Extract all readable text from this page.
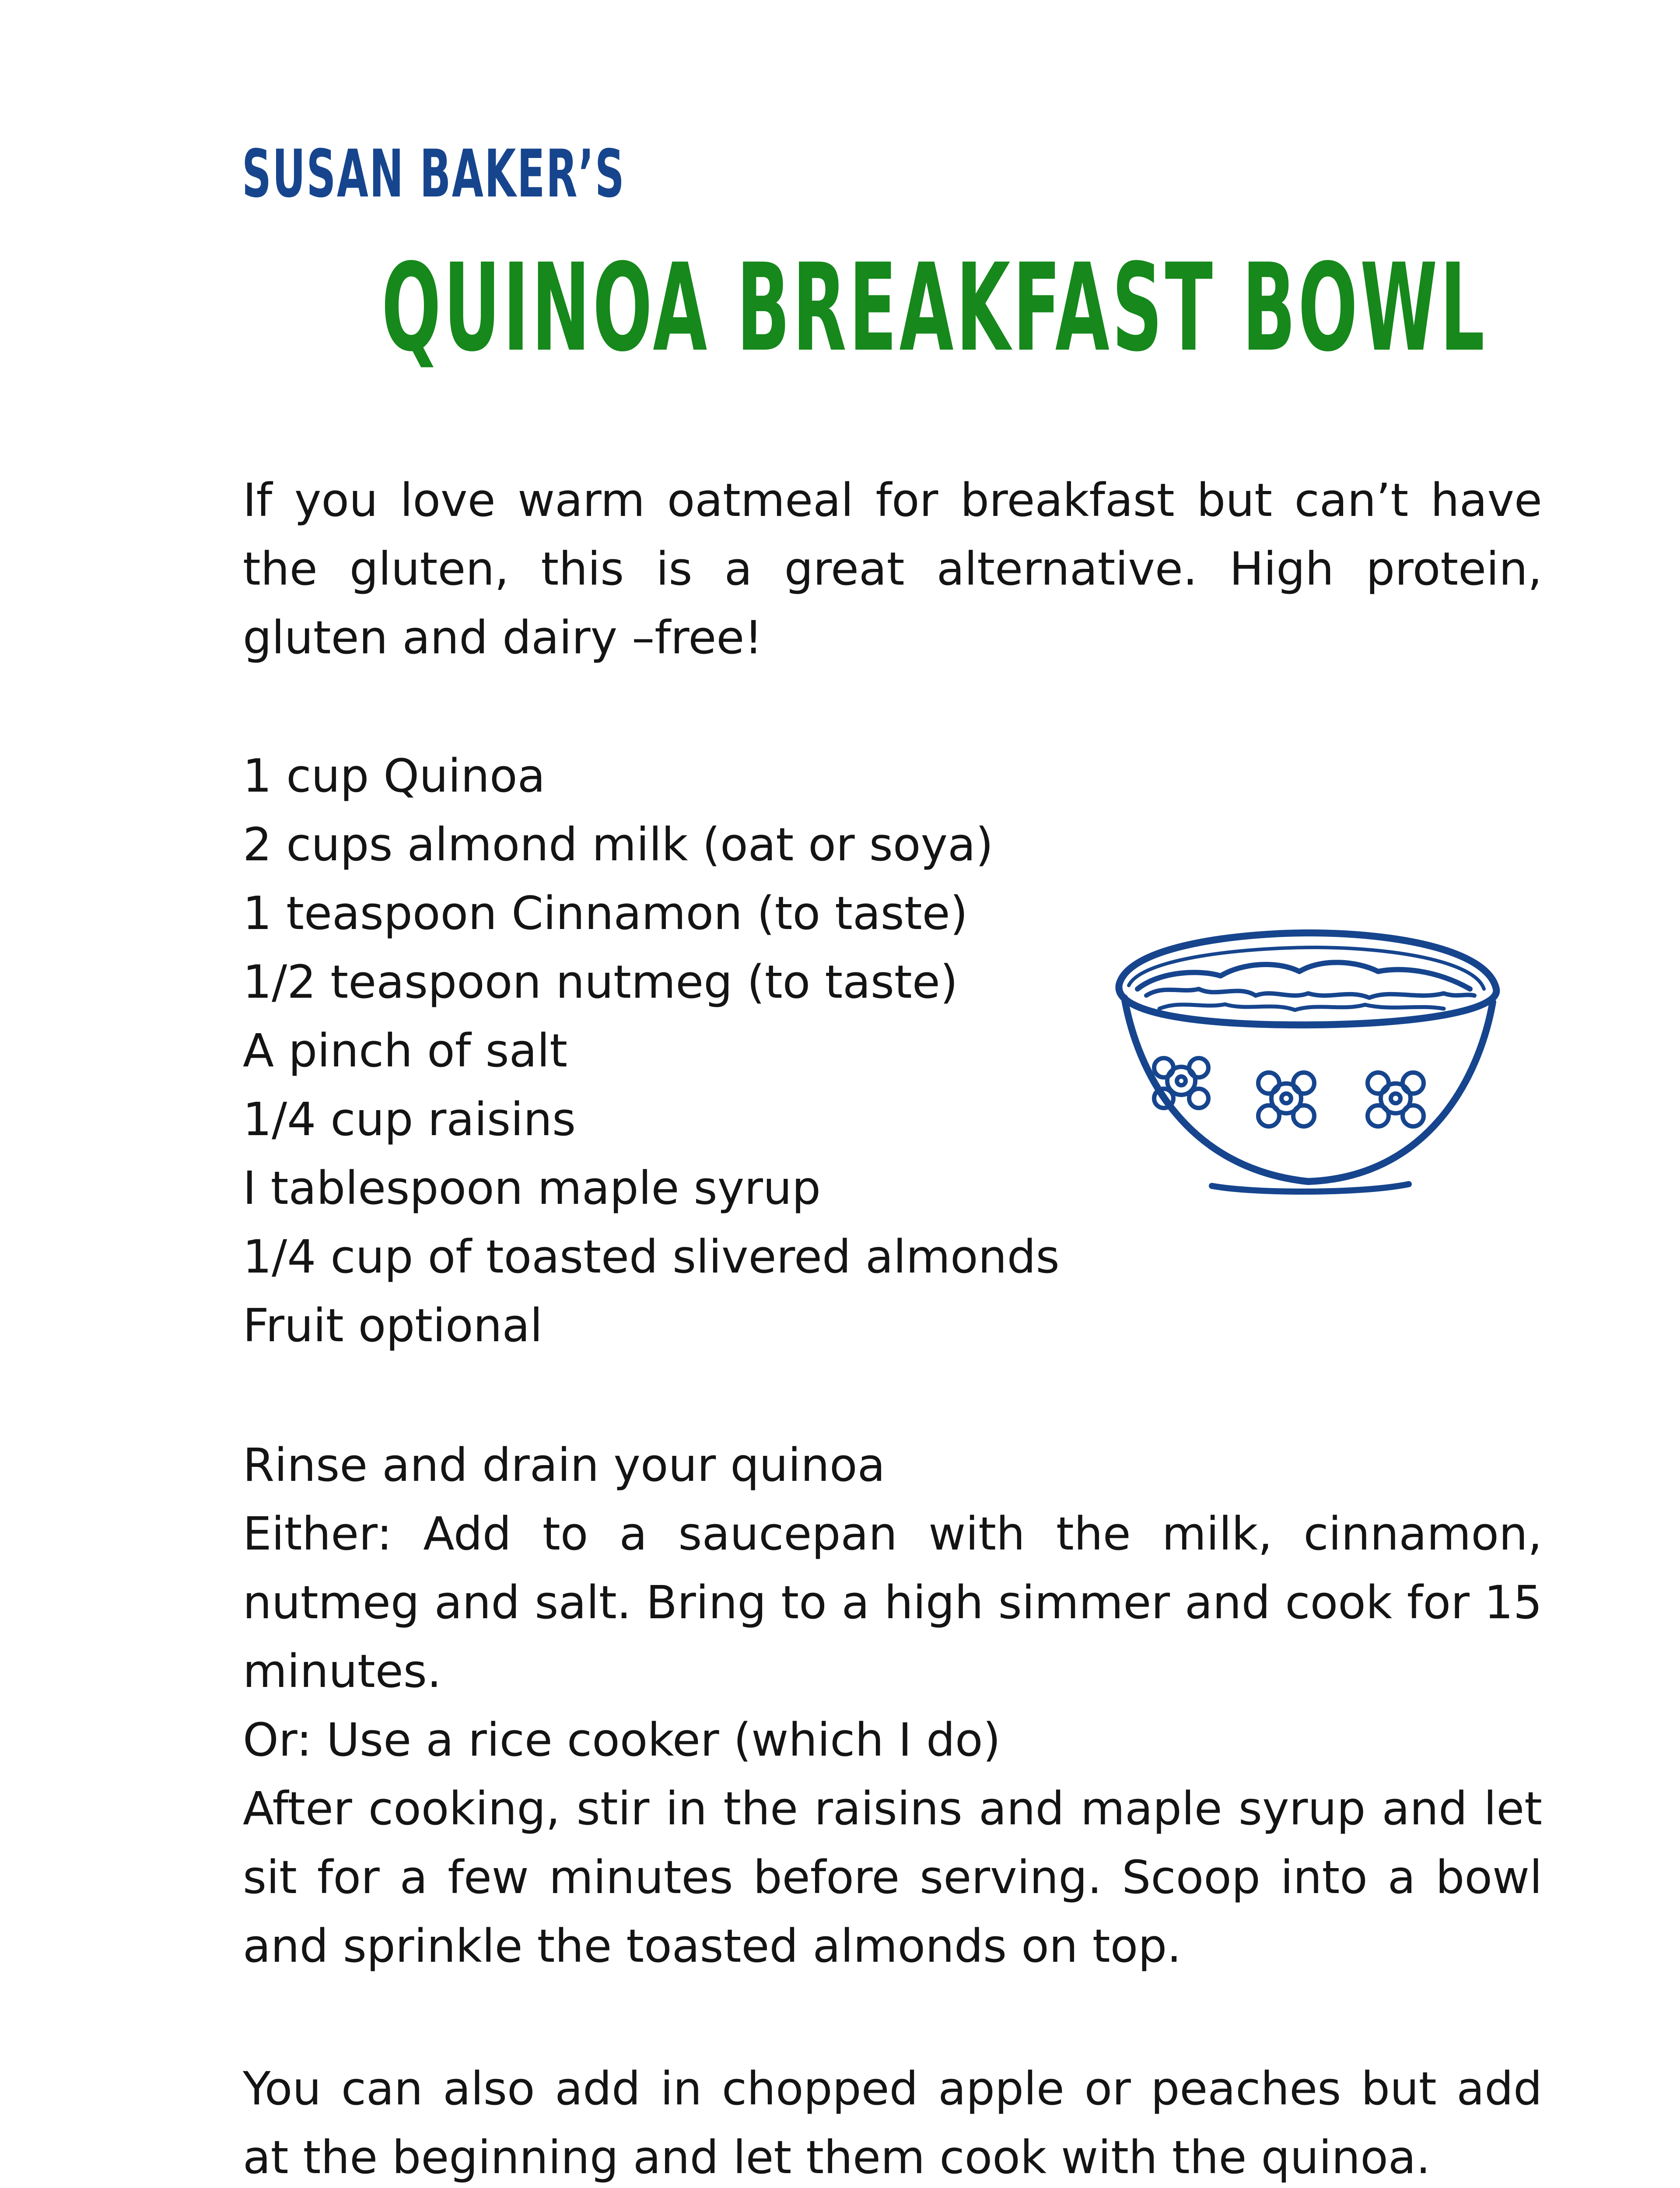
SUSAN BAKER’S
QUINOA BREAKFAST BOWL

If you love warm oatmeal for breakfast but can’t have the gluten, this is a great alternative. High protein, gluten and dairy –free!

1 cup Quinoa
2 cups almond milk (oat or soya)
1 teaspoon Cinnamon (to taste)
1/2 teaspoon nutmeg (to taste)
A pinch of salt
1/4 cup raisins
I tablespoon maple syrup
1/4 cup of toasted slivered almonds
Fruit optional

Rinse and drain your quinoa

Either: Add to a saucepan with the milk, cinnamon, nutmeg and salt. Bring to a high simmer and cook for 15 minutes.

Or: Use a rice cooker (which I do)

After cooking, stir in the raisins and maple syrup and let sit for a few minutes before serving. Scoop into a bowl and sprinkle the toasted almonds on top.

You can also add in chopped apple or peaches but add at the beginning and let them cook with the quinoa.
